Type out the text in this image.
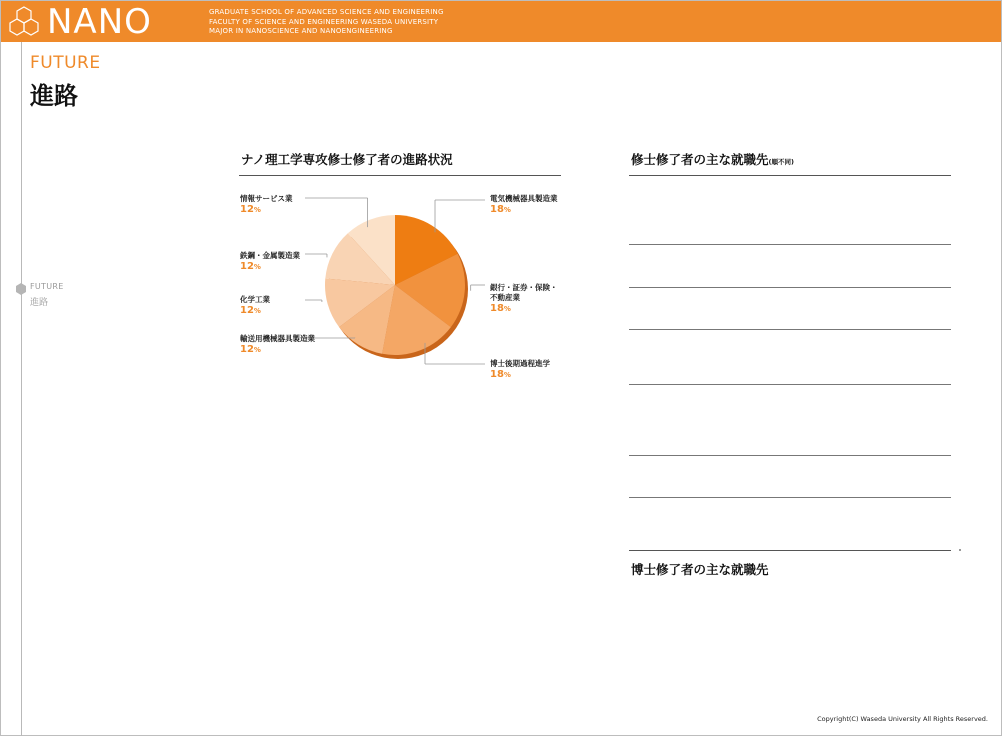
NANO	GRADUATE SCHOOL OF ADVANCED SCIENCE AND ENGINEERING
FACULTY OF SCIENCE AND ENGINEERING WASEDA UNIVERSITY
MAJOR IN NANOSCIENCE AND NANOENGINEERING
FUTURE
進路
FUTURE
進路
ナノ理工学専攻修士修了者の進路状況
電気機械器具製造業
18%
銀行・証券・保険・
不動産業
18%
博士後期過程進学
18%
輸送用機械器具製造業
12%
化学工業
12%
鉄鋼・金属製造業
12%
情報サービス業
12%
修士修了者の主な就職先(順不同)
博士修了者の主な就職先
Copyright(C) Waseda University All Rights Reserved.
